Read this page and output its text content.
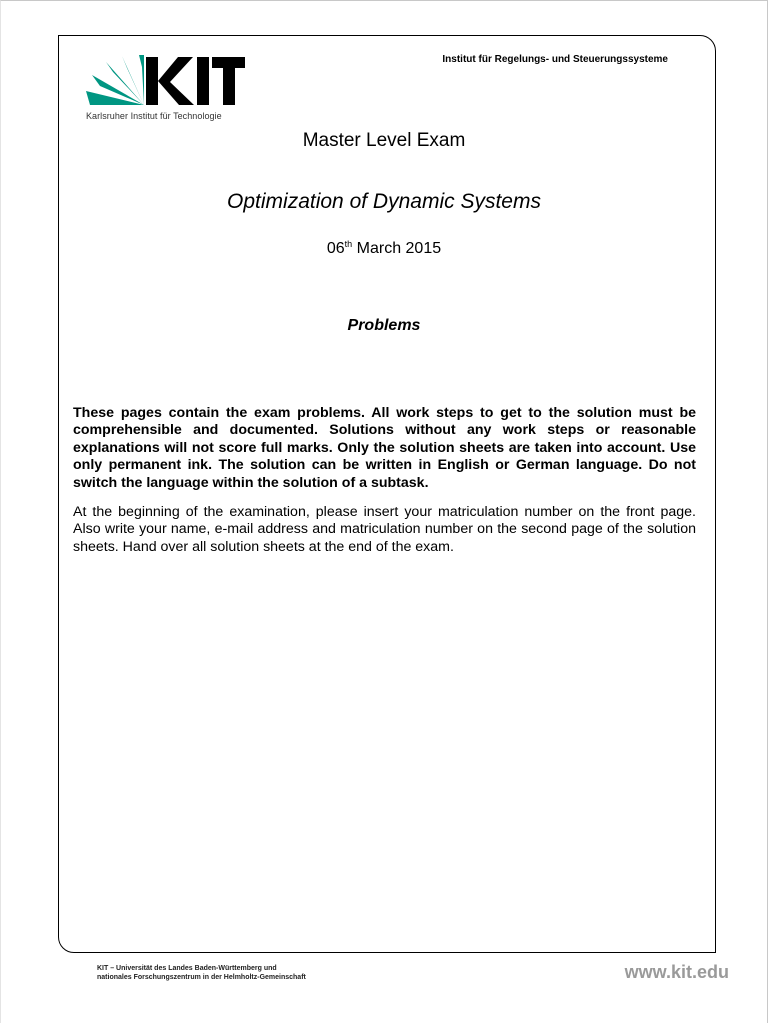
Karlsruher Institut für Technologie
Institut für Regelungs- und Steuerungssysteme
Master Level Exam
Optimization of Dynamic Systems
06th March 2015
Problems

These pages contain the exam problems. All work steps to get to the solution must be comprehensible and documented. Solutions without any work steps or reasonable explanations will not score full marks. Only the solution sheets are taken into account. Use only permanent ink. The solution can be written in English or German language. Do not switch the language within the solution of a subtask.

At the beginning of the examination, please insert your matriculation number on the front page. Also write your name, e-mail address and matriculation number on the second page of the solution sheets. Hand over all solution sheets at the end of the exam.

KIT – Universität des Landes Baden-Württemberg und
nationales Forschungszentrum in der Helmholtz-Gemeinschaft	www.kit.edu
